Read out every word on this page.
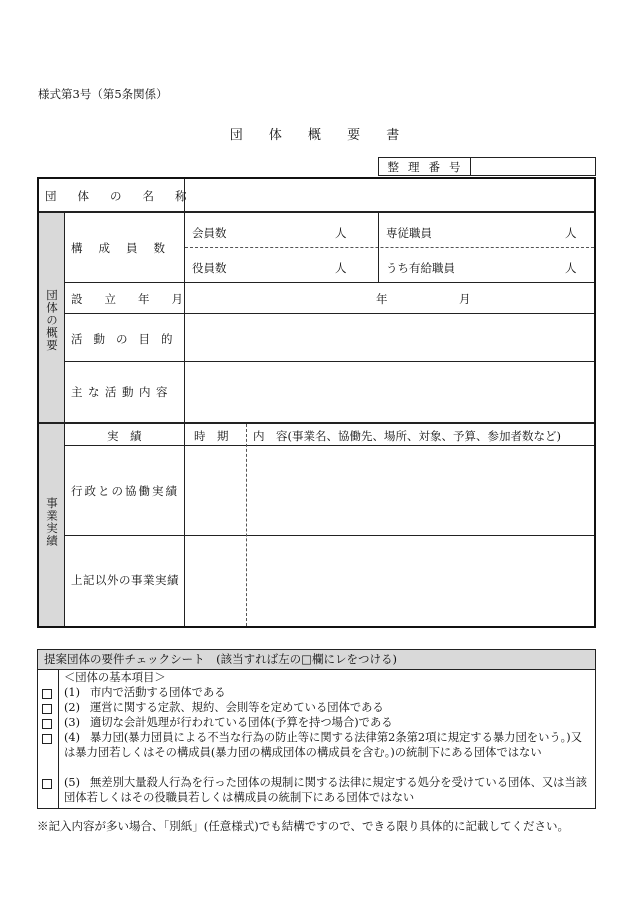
様式第3号（第5条関係）
団 体 概 要 書
整理番号
団体の名称
団体の概要
構成員数
会員数	人	専従職員	人
役員数	人	うち有給職員	人
設立年月	年	月
活動の目的
主な活動内容
事業実績
実　績	時　期 内　容(事業名、協働先、場所、対象、予算、参加者数など)
行政との協働実績
上記以外の事業実績
提案団体の要件チェックシート　(該当すれば左の□欄にレをつける)
＜団体の基本項目＞
(1) 市内で活動する団体である
(2) 運営に関する定款、規約、会則等を定めている団体である
(3) 適切な会計処理が行われている団体(予算を持つ場合)である
(4) 暴力団(暴力団員による不当な行為の防止等に関する法律第2条第2項に規定する暴力団をいう。)又は暴力団若しくはその構成員(暴力団の構成団体の構成員を含む。)の統制下にある団体ではない
(5) 無差別大量殺人行為を行った団体の規制に関する法律に規定する処分を受けている団体、又は当該団体若しくはその役職員若しくは構成員の統制下にある団体ではない
※記入内容が多い場合、「別紙」(任意様式)でも結構ですので、できる限り具体的に記載してください。
